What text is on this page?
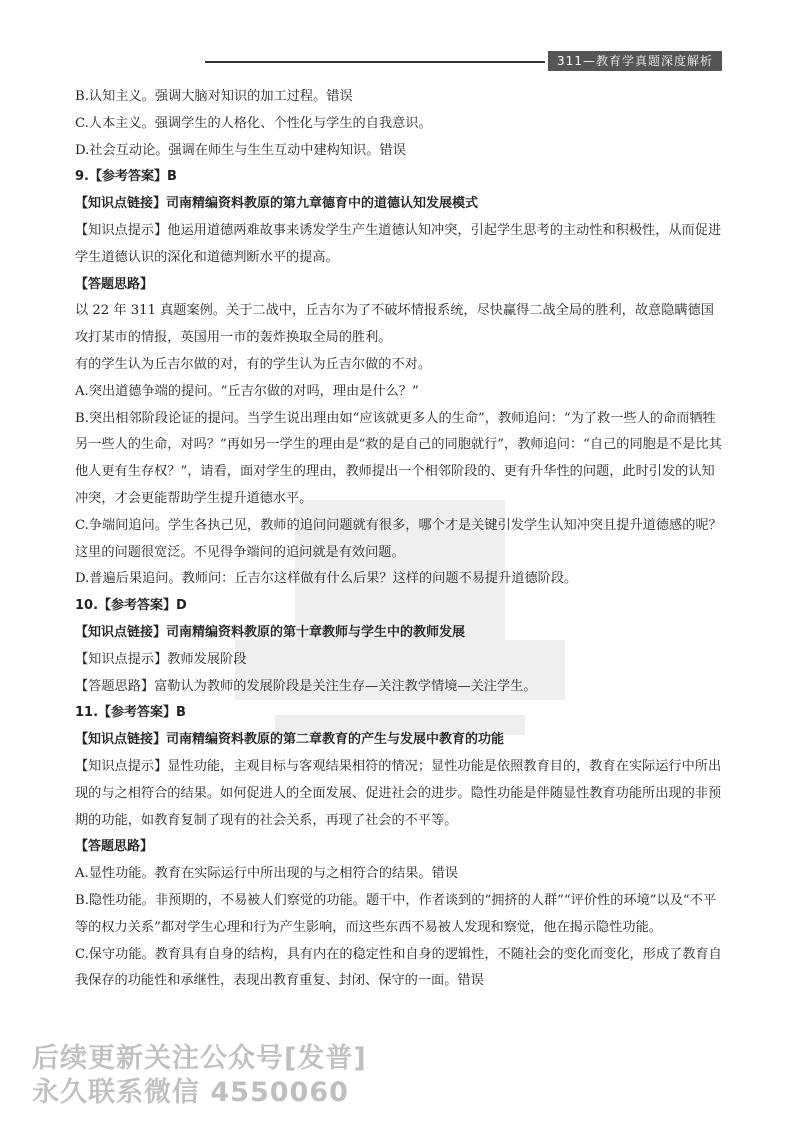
311—教育学真题深度解析

B.认知主义。强调大脑对知识的加工过程。错误

C.人本主义。强调学生的人格化、个性化与学生的自我意识。

D.社会互动论。强调在师生与生生互动中建构知识。错误

9.【参考答案】B

【知识点链接】司南精编资料教原的第九章德育中的道德认知发展模式

【知识点提示】他运用道德两难故事来诱发学生产生道德认知冲突，引起学生思考的主动性和积极性，从而促进学生道德认识的深化和道德判断水平的提高。

【答题思路】

以 22 年 311 真题案例。关于二战中，丘吉尔为了不破坏情报系统，尽快赢得二战全局的胜利，故意隐瞒德国攻打某市的情报，英国用一市的轰炸换取全局的胜利。

有的学生认为丘吉尔做的对，有的学生认为丘吉尔做的不对。

A.突出道德争端的提问。“丘吉尔做的对吗，理由是什么？”

B.突出相邻阶段论证的提问。当学生说出理由如“应该就更多人的生命”，教师追问：“为了救一些人的命而牺牲另一些人的生命，对吗？”再如另一学生的理由是“救的是自己的同胞就行”，教师追问：“自己的同胞是不是比其他人更有生存权？”，请看，面对学生的理由，教师提出一个相邻阶段的、更有升华性的问题，此时引发的认知冲突，才会更能帮助学生提升道德水平。

C.争端间追问。学生各执己见，教师的追问问题就有很多，哪个才是关键引发学生认知冲突且提升道德感的呢？这里的问题很宽泛。不见得争端间的追问就是有效问题。

D.普遍后果追问。教师问：丘吉尔这样做有什么后果？这样的问题不易提升道德阶段。

10.【参考答案】D

【知识点链接】司南精编资料教原的第十章教师与学生中的教师发展

【知识点提示】教师发展阶段

【答题思路】富勒认为教师的发展阶段是关注生存—关注教学情境—关注学生。

11.【参考答案】B

【知识点链接】司南精编资料教原的第二章教育的产生与发展中教育的功能

【知识点提示】显性功能，主观目标与客观结果相符的情况；显性功能是依照教育目的，教育在实际运行中所出现的与之相符合的结果。如何促进人的全面发展、促进社会的进步。隐性功能是伴随显性教育功能所出现的非预期的功能，如教育复制了现有的社会关系，再现了社会的不平等。

【答题思路】

A.显性功能。教育在实际运行中所出现的与之相符合的结果。错误

B.隐性功能。非预期的，不易被人们察觉的功能。题干中，作者谈到的“拥挤的人群”“评价性的环境”以及“不平等的权力关系”都对学生心理和行为产生影响，而这些东西不易被人发现和察觉，他在揭示隐性功能。

C.保守功能。教育具有自身的结构，具有内在的稳定性和自身的逻辑性，不随社会的变化而变化，形成了教育自我保存的功能性和承继性，表现出教育重复、封闭、保守的一面。错误

后续更新关注公众号[发普]
永久联系微信 4550060
